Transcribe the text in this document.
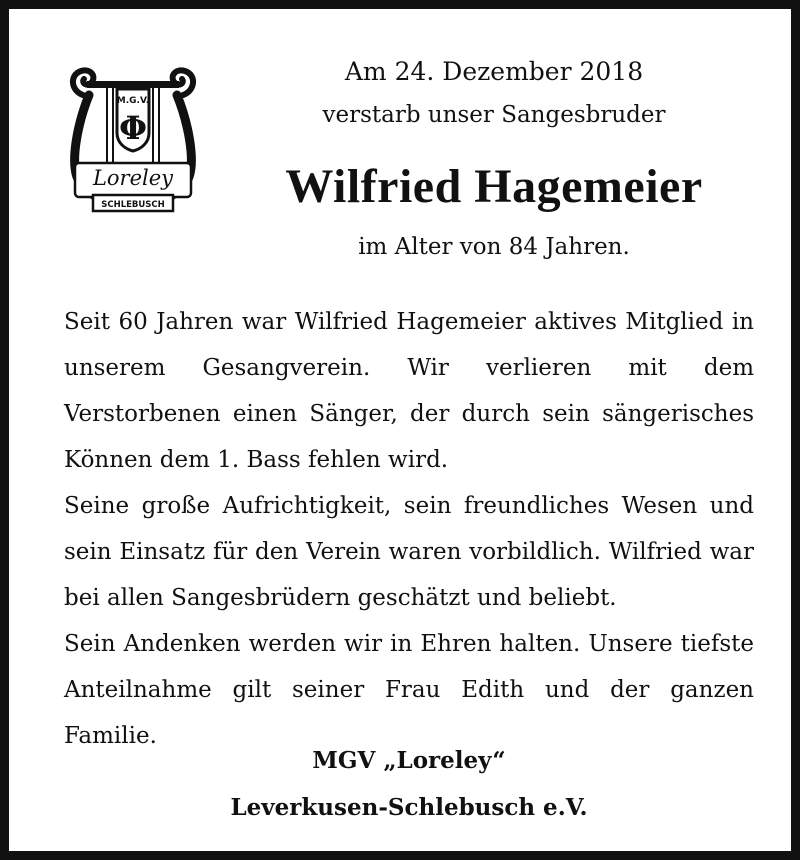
M.G.V.
Φ
Loreley
SCHLEBUSCH
Am 24. Dezember 2018
verstarb unser Sangesbruder
Wilfried Hagemeier
im Alter von 84 Jahren.

Seit 60 Jahren war Wilfried Hagemeier aktives Mitglied in unserem Gesangverein. Wir verlieren mit dem Verstorbenen einen Sänger, der durch sein sängerisches Können dem 1. Bass fehlen wird.

Seine große Aufrichtigkeit, sein freundliches Wesen und sein Einsatz für den Verein waren vorbildlich. Wilfried war bei allen Sangesbrüdern geschätzt und beliebt.

Sein Andenken werden wir in Ehren halten. Unsere tiefste Anteilnahme gilt seiner Frau Edith und der ganzen Familie.

MGV „Loreley“
Leverkusen-Schlebusch e.V.
